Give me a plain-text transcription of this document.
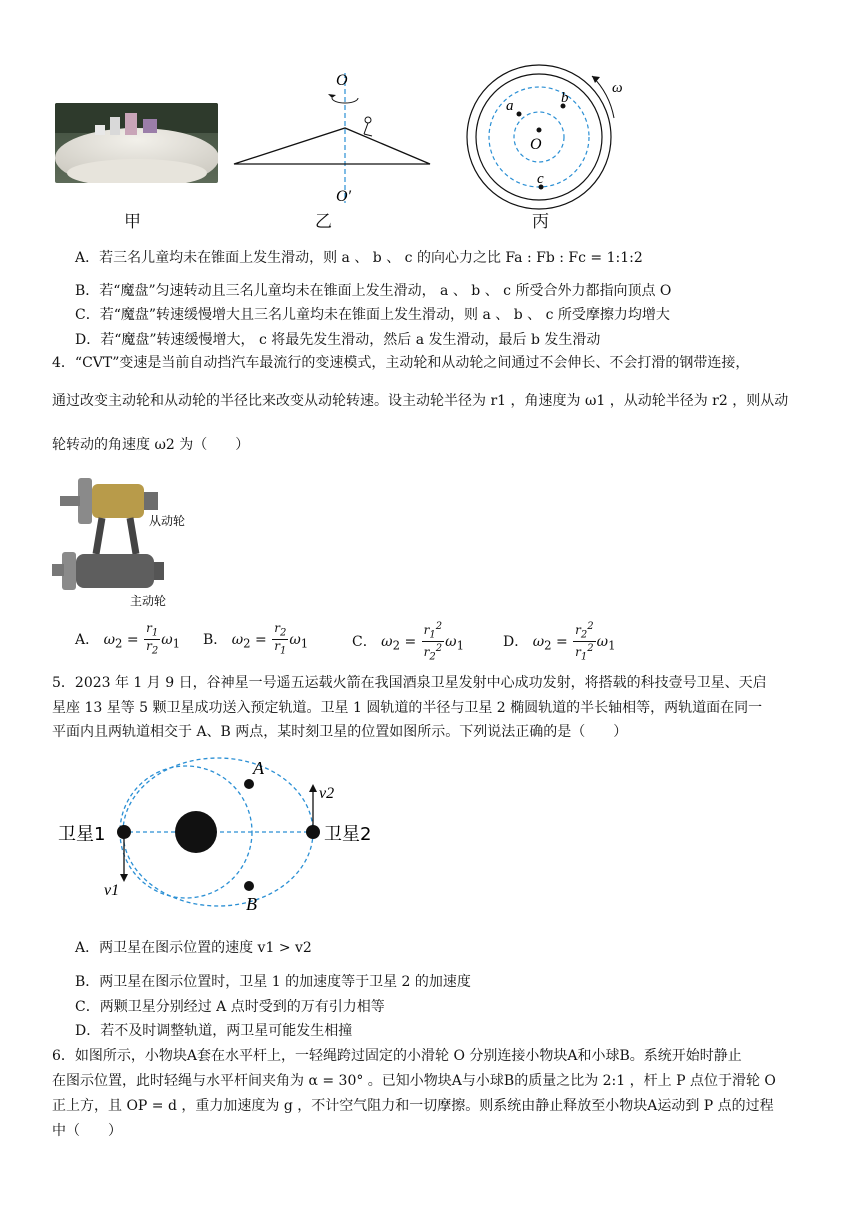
甲
O
O′
乙
a	b
O
c
ω
丙
A．若三名儿童均未在锥面上发生滑动，则 a 、 b 、 c 的向心力之比 Fa : Fb : Fc = 1:1:2
B．若“魔盘”匀速转动且三名儿童均未在锥面上发生滑动， a 、 b 、 c 所受合外力都指向顶点 O
C．若“魔盘”转速缓慢增大且三名儿童均未在锥面上发生滑动，则 a 、 b 、 c 所受摩擦力均增大
D．若“魔盘”转速缓慢增大， c 将最先发生滑动，然后 a 发生滑动，最后 b 发生滑动
4．“CVT”变速是当前自动挡汽车最流行的变速模式，主动轮和从动轮之间通过不会伸长、不会打滑的钢带连接，
通过改变主动轮和从动轮的半径比来改变从动轮转速。设主动轮半径为 r1 ，角速度为 ω1 ，从动轮半径为 r2 ，则从动
轮转动的角速度 ω2 为（　　）
从动轮
主动轮
A． $\omega_2 = \frac{r_1}{r_2} \omega_1$ B． $\omega_2 = \frac{r_2}{r_1} \omega_1$	C． $\omega_2 = \frac{r_1^2}{r_2^2} \omega_1$	D． $\omega_2 = \frac{r_2^2}{r_1^2} \omega_1$
5．2023 年 1 月 9 日，谷神星一号遥五运载火箭在我国酒泉卫星发射中心成功发射，将搭载的科技壹号卫星、天启
星座 13 星等 5 颗卫星成功送入预定轨道。卫星 1 圆轨道的半径与卫星 2 椭圆轨道的半长轴相等，两轨道面在同一
平面内且两轨道相交于 A、B 两点，某时刻卫星的位置如图所示。下列说法正确的是（　　）
卫星1	卫星2
A
B
v1
v2
A．两卫星在图示位置的速度 v1 > v2
B．两卫星在图示位置时，卫星 1 的加速度等于卫星 2 的加速度
C．两颗卫星分别经过 A 点时受到的万有引力相等
D．若不及时调整轨道，两卫星可能发生相撞
6．如图所示，小物块A套在水平杆上，一轻绳跨过固定的小滑轮 O 分别连接小物块A和小球B。系统开始时静止
在图示位置，此时轻绳与水平杆间夹角为 α = 30° 。已知小物块A与小球B的质量之比为 2:1 ，杆上 P 点位于滑轮 O
正上方，且 OP = d ，重力加速度为 g ，不计空气阻力和一切摩擦。则系统由静止释放至小物块A运动到 P 点的过程
中（　　）
